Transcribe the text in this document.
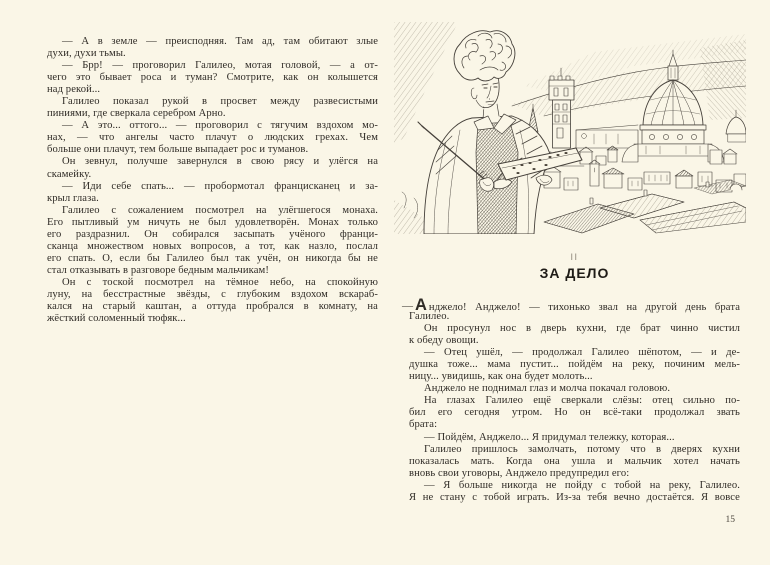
— А в земле — преисподняя. Там ад, там обитают злые
духи, духи тьмы.
— Брр! — проговорил Галилео, мотая головой, — а от-
чего это бывает роса и туман? Смотрите, как он колышется
над рекой...
Галилео показал рукой в просвет между развесистыми
пиниями, где сверкала серебром Арно.
— А это... оттого... — проговорил с тягучим вздохом мо-
нах, — что ангелы часто плачут о людских грехах. Чем
больше они плачут, тем больше выпадает рос и туманов.
Он зевнул, получше завернулся в свою рясу и улёгся на
скамейку.
— Иди себе спать... — пробормотал францисканец и за-
крыл глаза.
Галилео с сожалением посмотрел на улёгшегося монаха.
Его пытливый ум ничуть не был удовлетворён. Монах только
его раздразнил. Он собирался засы́пать учёного франци-
сканца множеством новых вопросов, а тот, как назло, послал
его спать. О, если бы Галилео был так учён, он никогда бы не
стал отказывать в разговоре бедным мальчикам!
Он с тоской посмотрел на тёмное небо, на спокойную
луну, на бесстрастные звёзды, с глубоким вздохом вскараб-
кался на старый каштан, а оттуда пробрался в комнату, на
жёсткий соломенный тюфяк...
II
ЗА ДЕЛО
— А нджело! Анджело! — тихонько звал на другой день брата
Галилео.
Он просунул нос в дверь кухни, где брат чинно чистил
к обеду овощи.
— Отец ушёл, — продолжал Галилео шёпотом, — и де-
душка тоже... мама пустит... пойдём на реку, починим мель-
ницу... увидишь, как она будет молоть...
Анджело не поднимал глаз и молча покачал головою.
На глазах Галилео ещё сверкали слёзы: отец сильно по-
бил его сегодня утром. Но он всё-таки продолжал звать
брата:
— Пойдём, Анджело... Я придумал тележку, которая...
Галилео пришлось замолчать, потому что в дверях кухни
показалась мать. Когда она ушла и мальчик хотел начать
вновь свои уговоры, Анджело предупредил его:
— Я больше никогда не пойду с тобой на реку, Галилео.
Я не стану с тобой играть. Из-за тебя вечно достаётся. Я вовсе
15
